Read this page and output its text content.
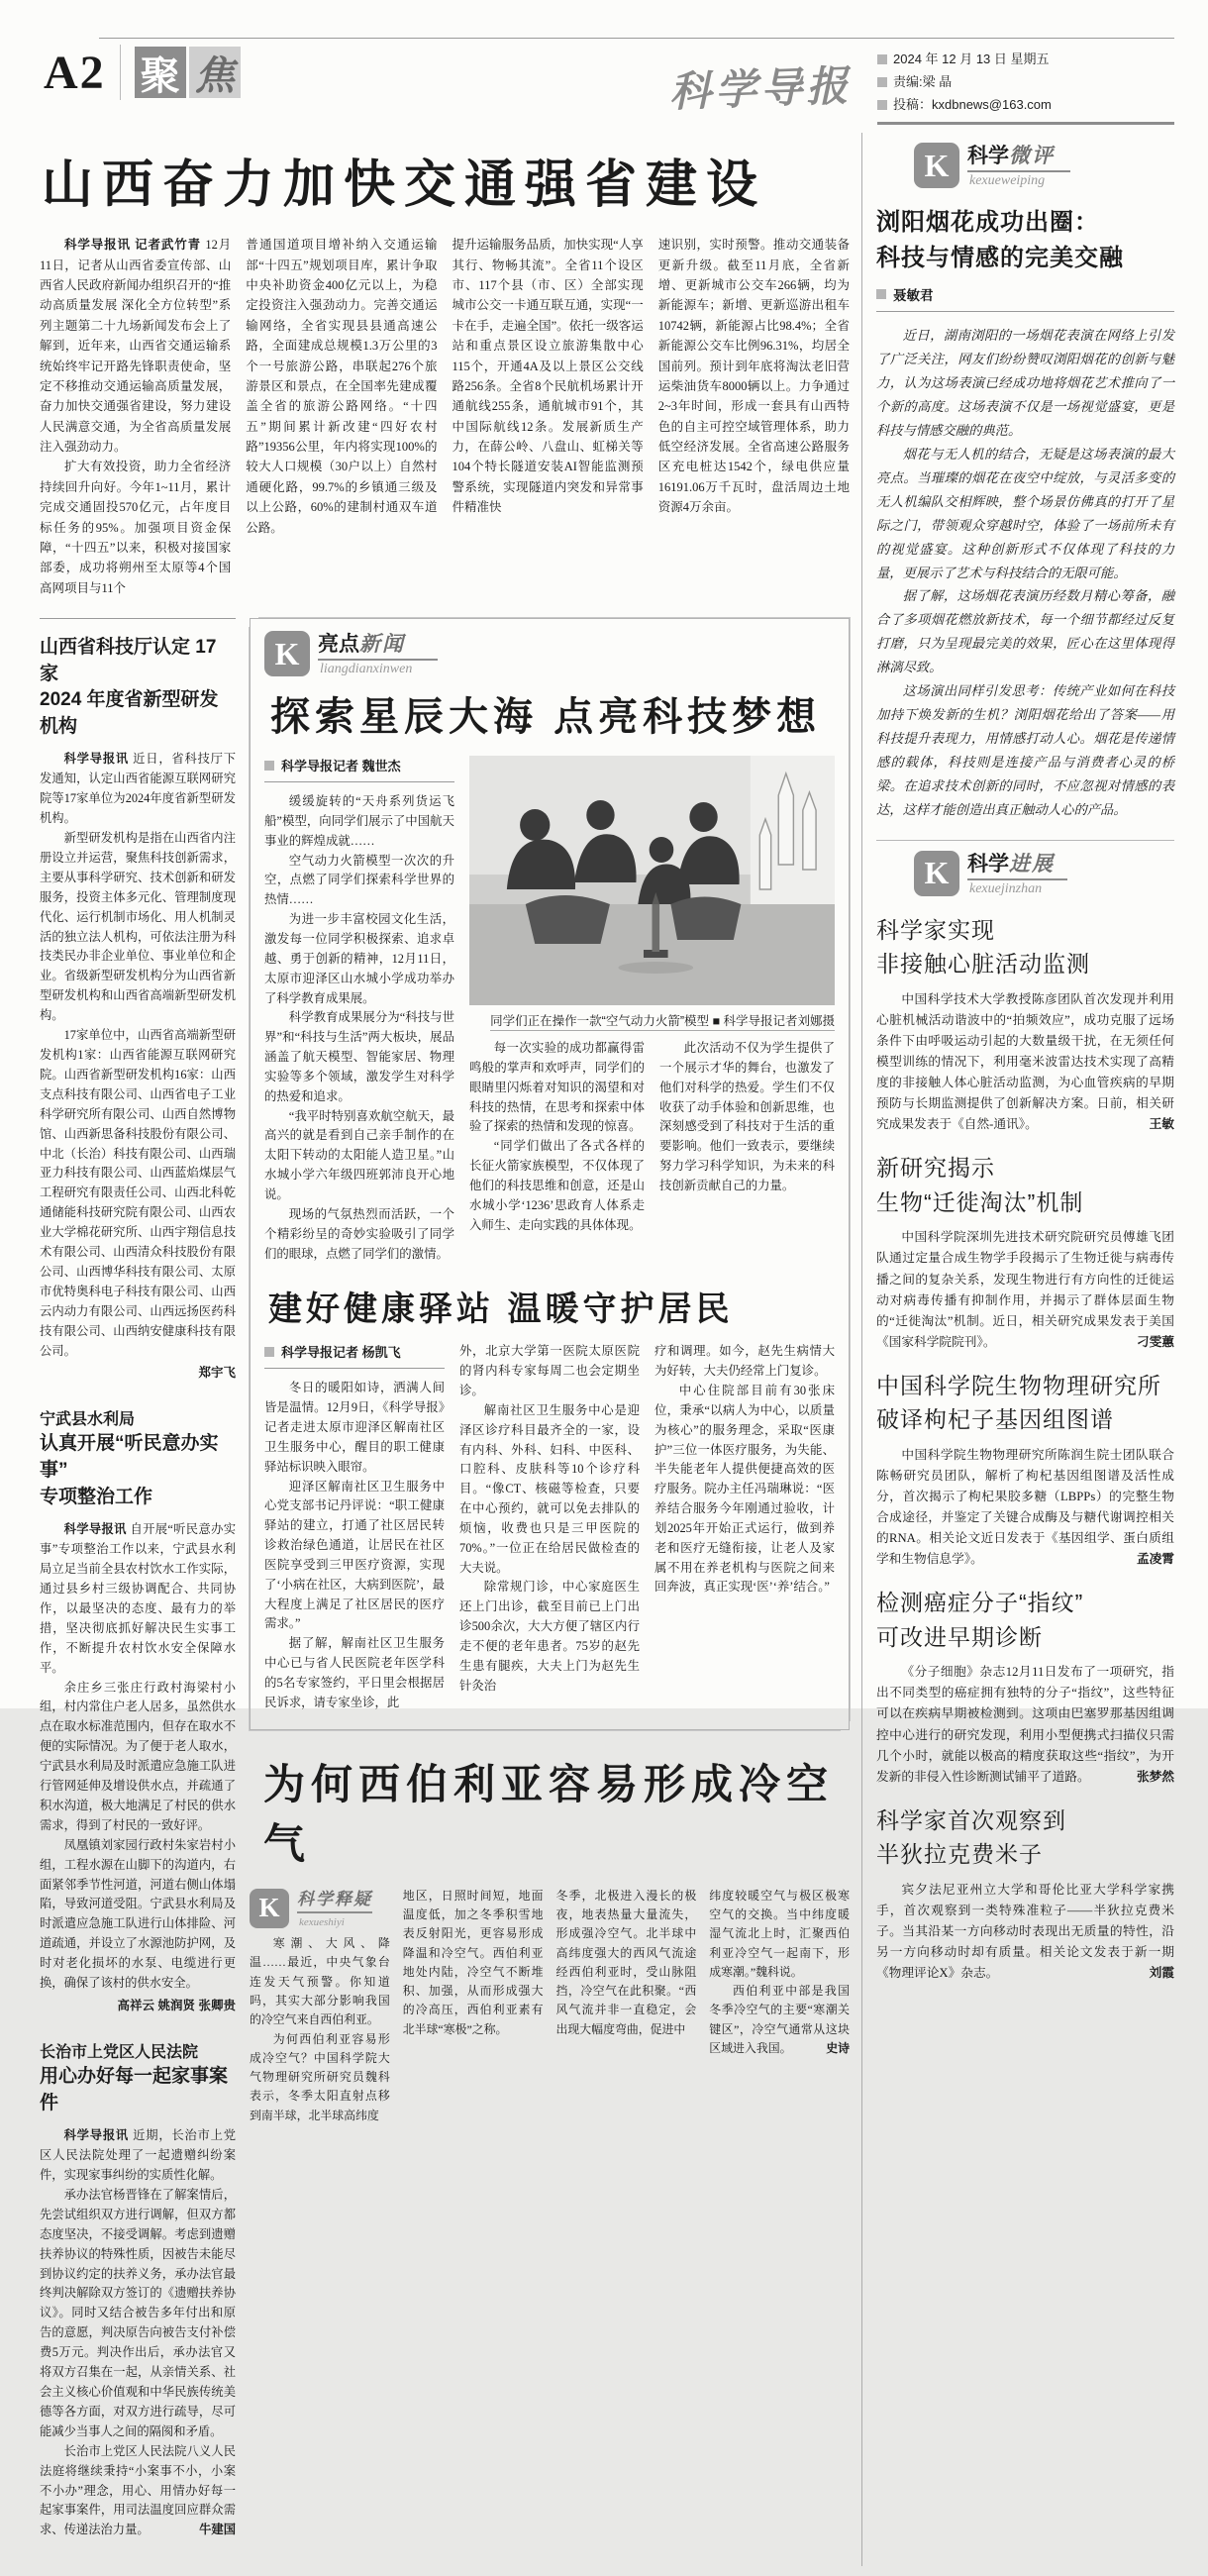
A2 聚 焦	科学导报
2024 年 12 月 13 日 星期五
责编:梁 晶
投稿：kxdbnews@163.com
山西奋力加快交通强省建设

科学导报讯 记者武竹青 12月11日，记者从山西省委宣传部、山西省人民政府新闻办组织召开的“推动高质量发展 深化全方位转型”系列主题第二十九场新闻发布会上了解到，近年来，山西省交通运输系统始终牢记开路先锋职责使命，坚定不移推动交通运输高质量发展，奋力加快交通强省建设，努力建设人民满意交通，为全省高质量发展注入强劲动力。

扩大有效投资，助力全省经济持续回升向好。今年1~11月，累计完成交通固投570亿元，占年度目标任务的95%。加强项目资金保障，“十四五”以来，积极对接国家部委，成功将朔州至太原等4个国高网项目与11个

普通国道项目增补纳入交通运输部“十四五”规划项目库，累计争取中央补助资金400亿元以上，为稳定投资注入强劲动力。完善交通运输网络，全省实现县县通高速公路，全面建成总规模1.3万公里的3个一号旅游公路，串联起276个旅游景区和景点，在全国率先建成覆盖全省的旅游公路网络。“十四五”期间累计新改建“四好农村路”19356公里，年内将实现100%的较大人口规模（30户以上）自然村通硬化路，99.7%的乡镇通三级及以上公路，60%的建制村通双车道公路。

提升运输服务品质，加快实现“人享其行、物畅其流”。全省11个设区市、117个县（市、区）全部实现城市公交一卡通互联互通，实现“一卡在手，走遍全国”。依托一级客运站和重点景区设立旅游集散中心115个，开通4A及以上景区公交线路256条。全省8个民航机场累计开通航线255条，通航城市91个，其中国际航线12条。发展新质生产力，在薛公岭、八盘山、虹梯关等104个特长隧道安装AI智能监测预警系统，实现隧道内突发和异常事件精准快

速识别，实时预警。推动交通装备更新升级。截至11月底，全省新增、更新城市公交车266辆，均为新能源车；新增、更新巡游出租车10742辆，新能源占比98.4%；全省新能源公交车比例96.31%，均居全国前列。预计到年底将淘汰老旧营运柴油货车8000辆以上。力争通过2~3年时间，形成一套具有山西特色的自主可控空域管理体系，助力低空经济发展。全省高速公路服务区充电桩达1542个，绿电供应量16191.06万千瓦时，盘活周边土地资源4万余亩。

山西省科技厅认定 17 家
2024 年度省新型研发机构

科学导报讯 近日，省科技厅下发通知，认定山西省能源互联网研究院等17家单位为2024年度省新型研发机构。

新型研发机构是指在山西省内注册设立并运营，聚焦科技创新需求，主要从事科学研究、技术创新和研发服务，投资主体多元化、管理制度现代化、运行机制市场化、用人机制灵活的独立法人机构，可依法注册为科技类民办非企业单位、事业单位和企业。省级新型研发机构分为山西省新型研发机构和山西省高端新型研发机构。

17家单位中，山西省高端新型研发机构1家：山西省能源互联网研究院。山西省新型研发机构16家：山西支点科技有限公司、山西省电子工业科学研究所有限公司、山西自然博物馆、山西新思备科技股份有限公司、中北（长治）科技有限公司、山西瑞亚力科技有限公司、山西蓝焰煤层气工程研究有限责任公司、山西北科乾通储能科技研究院有限公司、山西农业大学棉花研究所、山西宇翔信息技术有限公司、山西清众科技股份有限公司、山西博华科技有限公司、太原市优特奥科电子科技有限公司、山西云内动力有限公司、山西远扬医药科技有限公司、山西纳安健康科技有限公司。

郑宇飞
宁武县水利局
认真开展“听民意办实事”
专项整治工作

科学导报讯 自开展“听民意办实事”专项整治工作以来，宁武县水利局立足当前全县农村饮水工作实际，通过县乡村三级协调配合、共同协作，以最坚决的态度、最有力的举措，坚决彻底抓好解决民生实事工作，不断提升农村饮水安全保障水平。

余庄乡三张庄行政村海梁村小组，村内常住户老人居多，虽然供水点在取水标准范围内，但存在取水不便的实际情况。为了便于老人取水，宁武县水利局及时派遣应急施工队进行管网延伸及增设供水点，并疏通了积水沟道，极大地满足了村民的供水需求，得到了村民的一致好评。

凤凰镇刘家园行政村朱家岩村小组，工程水源在山脚下的沟道内，右面紧邻季节性河道，河道右侧山体塌陷，导致河道受阻。宁武县水利局及时派遣应急施工队进行山体排险、河道疏通，并设立了水源池防护网，及时对老化损坏的水泵、电缆进行更换，确保了该村的供水安全。

高祥云 姚润贤 张卿贵
长治市上党区人民法院
用心办好每一起家事案件

科学导报讯 近期，长治市上党区人民法院处理了一起遗赠纠纷案件，实现家事纠纷的实质性化解。

承办法官杨晋锋在了解案情后，先尝试组织双方进行调解，但双方都态度坚决，不接受调解。考虑到遗赠扶养协议的特殊性质，因被告未能尽到协议约定的扶养义务，承办法官最终判决解除双方签订的《遗赠扶养协议》。同时又结合被告多年付出和原告的意愿，判决原告向被告支付补偿费5万元。判决作出后，承办法官又将双方召集在一起，从亲情关系、社会主义核心价值观和中华民族传统美德等各方面，对双方进行疏导，尽可能减少当事人之间的隔阂和矛盾。

长治市上党区人民法院八义人民法庭将继续秉持“小案事不小，小案不小办”理念，用心、用情办好每一起家事案件，用司法温度回应群众需求、传递法治力量。	牛建国

K 亮点新闻
liangdianxinwen
探索星辰大海 点亮科技梦想
科学导报记者 魏世杰

缓缓旋转的“天舟系列货运飞船”模型，向同学们展示了中国航天事业的辉煌成就……

空气动力火箭模型一次次的升空，点燃了同学们探索科学世界的热情……

为进一步丰富校园文化生活，激发每一位同学积极探索、追求卓越、勇于创新的精神，12月11日，太原市迎泽区山水城小学成功举办了科学教育成果展。

科学教育成果展分为“科技与世界”和“科技与生活”两大板块，展品涵盖了航天模型、智能家居、物理实验等多个领域，激发学生对科学的热爱和追求。

“我平时特别喜欢航空航天，最高兴的就是看到自己亲手制作的在太阳下转动的太阳能人造卫星。”山水城小学六年级四班郭沛良开心地说。

现场的气氛热烈而活跃，一个个精彩纷呈的奇妙实验吸引了同学们的眼球，点燃了同学们的激情。

同学们正在操作一款“空气动力火箭”模型 ■ 科学导报记者刘娜摄

每一次实验的成功都赢得雷鸣般的掌声和欢呼声，同学们的眼睛里闪烁着对知识的渴望和对科技的热情，在思考和探索中体验了探索的热情和发现的惊喜。

“同学们做出了各式各样的长征火箭家族模型，不仅体现了他们的科技思维和创意，还是山水城小学‘1236’思政育人体系走入师生、走向实践的具体体现。

此次活动不仅为学生提供了一个展示才华的舞台，也激发了他们对科学的热爱。学生们不仅收获了动手体验和创新思维，也深刻感受到了科技对于生活的重要影响。他们一致表示，要继续努力学习科学知识，为未来的科技创新贡献自己的力量。

建好健康驿站 温暖守护居民
科学导报记者 杨凯飞

冬日的暖阳如诗，洒满人间皆是温情。12月9日，《科学导报》记者走进太原市迎泽区解南社区卫生服务中心，醒目的职工健康驿站标识映入眼帘。

迎泽区解南社区卫生服务中心党支部书记丹评说：“职工健康驿站的建立，打通了社区居民转诊救治绿色通道，让居民在社区医院享受到三甲医疗资源，实现了‘小病在社区，大病到医院’，最大程度上满足了社区居民的医疗需求。”

据了解，解南社区卫生服务中心已与省人民医院老年医学科的5名专家签约，平日里会根据居民诉求，请专家坐诊，此

外，北京大学第一医院太原医院的肾内科专家每周二也会定期坐诊。

解南社区卫生服务中心是迎泽区诊疗科目最齐全的一家，设有内科、外科、妇科、中医科、口腔科、皮肤科等10个诊疗科目。“像CT、核磁等检查，只要在中心预约，就可以免去排队的烦恼，收费也只是三甲医院的70%。”一位正在给居民做检查的大夫说。

除常规门诊，中心家庭医生还上门出诊，截至目前已上门出诊500余次，大大方便了辖区内行走不便的老年患者。75岁的赵先生患有腿疾，大夫上门为赵先生针灸治

疗和调理。如今，赵先生病情大为好转，大夫仍经常上门复诊。

中心住院部目前有30张床位，秉承“以病人为中心，以质量为核心”的服务理念，采取“医康护”三位一体医疗服务，为失能、半失能老年人提供便捷高效的医疗服务。院办主任冯瑞琳说：“医养结合服务今年刚通过验收，计划2025年开始正式运行，做到养老和医疗无缝衔接，让老人及家属不用在养老机构与医院之间来回奔波，真正实现‘医’‘养’结合。”

为何西伯利亚容易形成冷空气
K	科学释疑
kexueshiyi

寒潮、大风、降温……最近，中央气象台连发天气预警。你知道吗，其实大部分影响我国的冷空气来自西伯利亚。

为何西伯利亚容易形成冷空气？中国科学院大气物理研究所研究员魏科表示，冬季太阳直射点移到南半球，北半球高纬度

地区，日照时间短，地面温度低，加之冬季积雪地表反射阳光，更容易形成降温和冷空气。西伯利亚地处内陆，冷空气不断堆积、加强，从而形成强大的冷高压，西伯利亚素有北半球“寒极”之称。

冬季，北极进入漫长的极夜，地表热量大量流失，形成强冷空气。北半球中高纬度强大的西风气流途经西伯利亚时，受山脉阻挡，冷空气在此积聚。“西风气流并非一直稳定，会出现大幅度弯曲，促进中

纬度较暖空气与极区极寒空气的交换。当中纬度暖湿气流北上时，汇聚西伯利亚冷空气一起南下，形成寒潮。”魏科说。

西伯利亚中部是我国冬季冷空气的主要“寒潮关键区”，冷空气通常从这块区域进入我国。	史诗

K 科学微评
kexueweiping
浏阳烟花成功出圈：
科技与情感的完美交融
聂敏君

近日，湖南浏阳的一场烟花表演在网络上引发了广泛关注，网友们纷纷赞叹浏阳烟花的创新与魅力，认为这场表演已经成功地将烟花艺术推向了一个新的高度。这场表演不仅是一场视觉盛宴，更是科技与情感交融的典范。

烟花与无人机的结合，无疑是这场表演的最大亮点。当璀璨的烟花在夜空中绽放，与灵活多变的无人机编队交相辉映，整个场景仿佛真的打开了星际之门，带领观众穿越时空，体验了一场前所未有的视觉盛宴。这种创新形式不仅体现了科技的力量，更展示了艺术与科技结合的无限可能。

据了解，这场烟花表演历经数月精心筹备，融合了多项烟花燃放新技术，每一个细节都经过反复打磨，只为呈现最完美的效果，匠心在这里体现得淋漓尽致。

这场演出同样引发思考：传统产业如何在科技加持下焕发新的生机？浏阳烟花给出了答案——用科技提升表现力，用情感打动人心。烟花是传递情感的载体，科技则是连接产品与消费者心灵的桥梁。在追求技术创新的同时，不应忽视对情感的表达，这样才能创造出真正触动人心的产品。

K 科学进展
kexuejinzhan
科学家实现
非接触心脏活动监测

中国科学技术大学教授陈彦团队首次发现并利用心脏机械活动谐波中的“拍频效应”，成功克服了远场条件下由呼吸运动引起的大数量级干扰，在无须任何模型训练的情况下，利用毫米波雷达技术实现了高精度的非接触人体心脏活动监测，为心血管疾病的早期预防与长期监测提供了创新解决方案。日前，相关研究成果发表于《自然-通讯》。	王敏

新研究揭示
生物“迁徙淘汰”机制

中国科学院深圳先进技术研究院研究员傅雄飞团队通过定量合成生物学手段揭示了生物迁徙与病毒传播之间的复杂关系，发现生物进行有方向性的迁徙运动对病毒传播有抑制作用，并揭示了群体层面生物的“迁徙淘汰”机制。近日，相关研究成果发表于美国《国家科学院院刊》。	刁雯蕙

中国科学院生物物理研究所
破译枸杞子基因组图谱

中国科学院生物物理研究所陈润生院士团队联合陈畅研究员团队，解析了枸杞基因组图谱及活性成分，首次揭示了枸杞果胶多糖（LBPPs）的完整生物合成途径，并鉴定了关键合成酶及与糖代谢调控相关的RNA。相关论文近日发表于《基因组学、蛋白质组学和生物信息学》。	孟凌霄

检测癌症分子“指纹”
可改进早期诊断

《分子细胞》杂志12月11日发布了一项研究，指出不同类型的癌症拥有独特的分子“指纹”，这些特征可以在疾病早期被检测到。这项由巴塞罗那基因组调控中心进行的研究发现，利用小型便携式扫描仪只需几个小时，就能以极高的精度获取这些“指纹”，为开发新的非侵入性诊断测试铺平了道路。	张梦然

科学家首次观察到
半狄拉克费米子

宾夕法尼亚州立大学和哥伦比亚大学科学家携手，首次观察到一类特殊准粒子——半狄拉克费米子。当其沿某一方向移动时表现出无质量的特性，沿另一方向移动时却有质量。相关论文发表于新一期《物理评论X》杂志。	刘霞
